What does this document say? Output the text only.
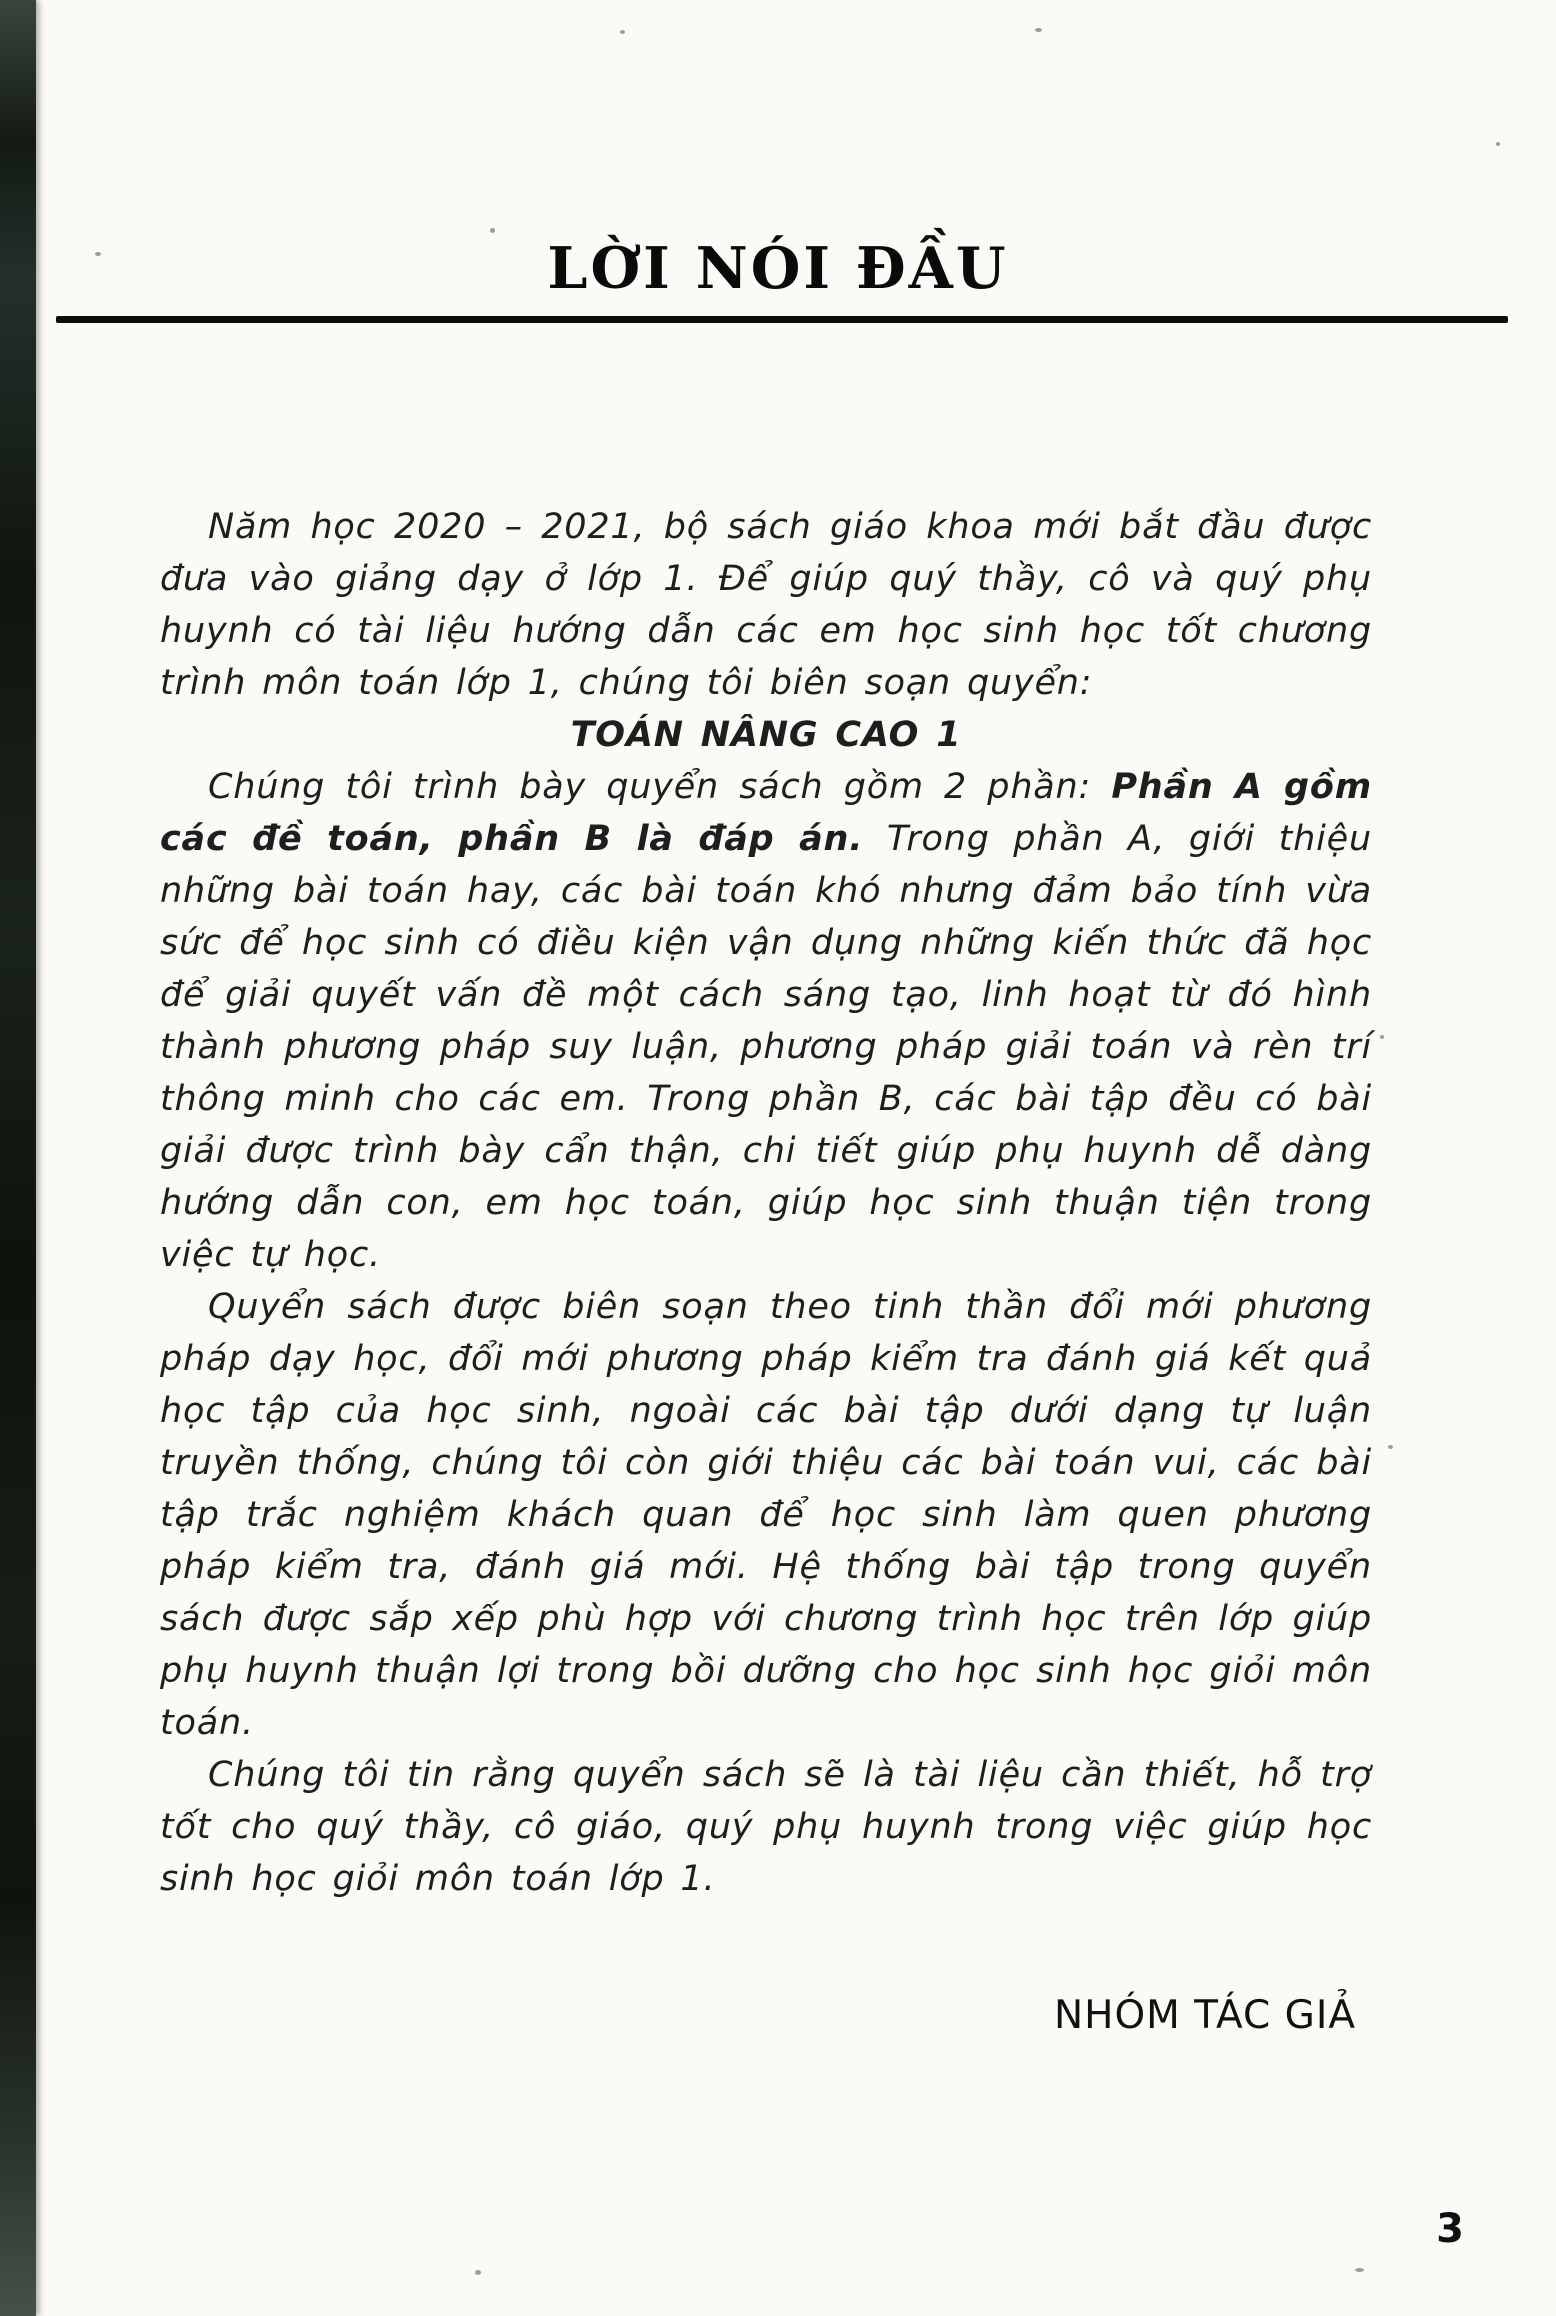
LỜI NÓI ĐẦU

Năm học 2020 – 2021, bộ sách giáo khoa mới bắt đầu được đưa vào giảng dạy ở lớp 1. Để giúp quý thầy, cô và quý phụ huynh có tài liệu hướng dẫn các em học sinh học tốt chương trình môn toán lớp 1, chúng tôi biên soạn quyển:

TOÁN NÂNG CAO 1

Chúng tôi trình bày quyển sách gồm 2 phần: Phần A gồm các đề toán, phần B là đáp án. Trong phần A, giới thiệu những bài toán hay, các bài toán khó nhưng đảm bảo tính vừa sức để học sinh có điều kiện vận dụng những kiến thức đã học để giải quyết vấn đề một cách sáng tạo, linh hoạt từ đó hình thành phương pháp suy luận, phương pháp giải toán và rèn trí thông minh cho các em. Trong phần B, các bài tập đều có bài giải được trình bày cẩn thận, chi tiết giúp phụ huynh dễ dàng hướng dẫn con, em học toán, giúp học sinh thuận tiện trong việc tự học.

Quyển sách được biên soạn theo tinh thần đổi mới phương pháp dạy học, đổi mới phương pháp kiểm tra đánh giá kết quả học tập của học sinh, ngoài các bài tập dưới dạng tự luận truyền thống, chúng tôi còn giới thiệu các bài toán vui, các bài tập trắc nghiệm khách quan để học sinh làm quen phương pháp kiểm tra, đánh giá mới. Hệ thống bài tập trong quyển sách được sắp xếp phù hợp với chương trình học trên lớp giúp phụ huynh thuận lợi trong bồi dưỡng cho học sinh học giỏi môn toán.

Chúng tôi tin rằng quyển sách sẽ là tài liệu cần thiết, hỗ trợ tốt cho quý thầy, cô giáo, quý phụ huynh trong việc giúp học sinh học giỏi môn toán lớp 1.

NHÓM TÁC GIẢ
3
